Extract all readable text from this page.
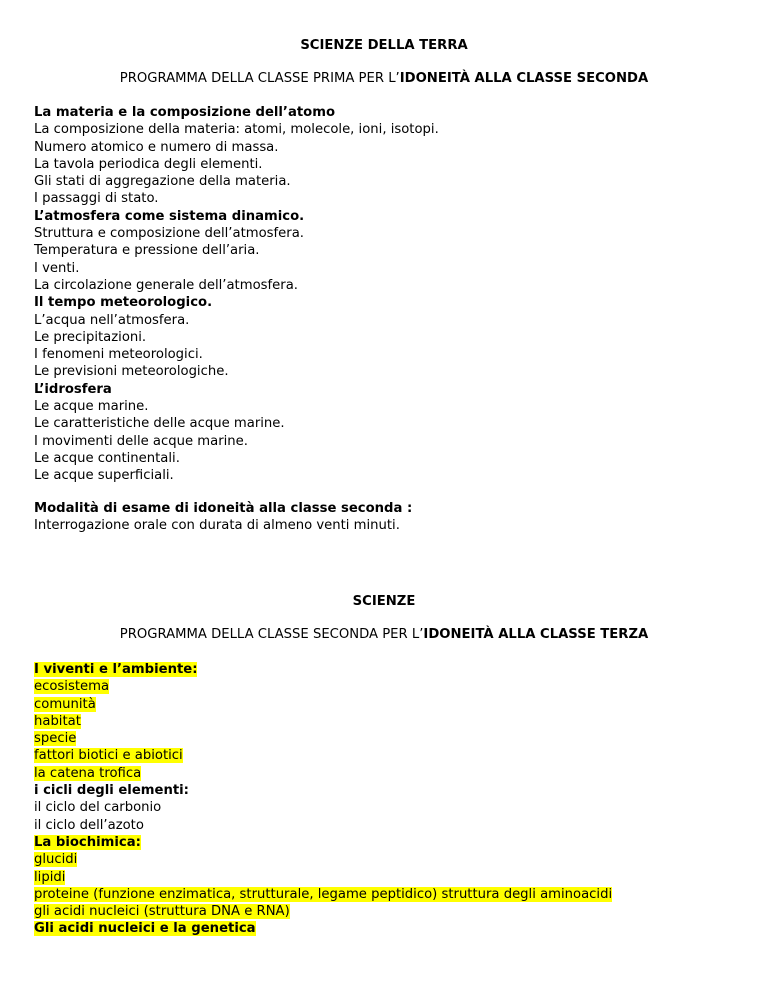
SCIENZE DELLA TERRA
PROGRAMMA DELLA CLASSE PRIMA PER L’IDONEITÀ ALLA CLASSE SECONDA
La materia e la composizione dell’atomo
La composizione della materia: atomi, molecole, ioni, isotopi.
Numero atomico e numero di massa.
La tavola periodica degli elementi.
Gli stati di aggregazione della materia.
I passaggi di stato.
L’atmosfera come sistema dinamico.
Struttura e composizione dell’atmosfera.
Temperatura e pressione dell’aria.
I venti.
La circolazione generale dell’atmosfera.
Il tempo meteorologico.
L’acqua nell’atmosfera.
Le precipitazioni.
I fenomeni meteorologici.
Le previsioni meteorologiche.
L’idrosfera
Le acque marine.
Le caratteristiche delle acque marine.
I movimenti delle acque marine.
Le acque continentali.
Le acque superficiali.
Modalità di esame di idoneità alla classe seconda :
Interrogazione orale con durata di almeno venti minuti.
SCIENZE
PROGRAMMA DELLA CLASSE SECONDA PER L’IDONEITÀ ALLA CLASSE TERZA
I viventi e l’ambiente:
ecosistema
comunità
habitat
specie
fattori biotici e abiotici
la catena trofica
i cicli degli elementi:
il ciclo del carbonio
il ciclo dell’azoto
La biochimica:
glucidi
lipidi
proteine (funzione enzimatica, strutturale, legame peptidico) struttura degli aminoacidi
gli acidi nucleici (struttura DNA e RNA)
Gli acidi nucleici e la genetica
